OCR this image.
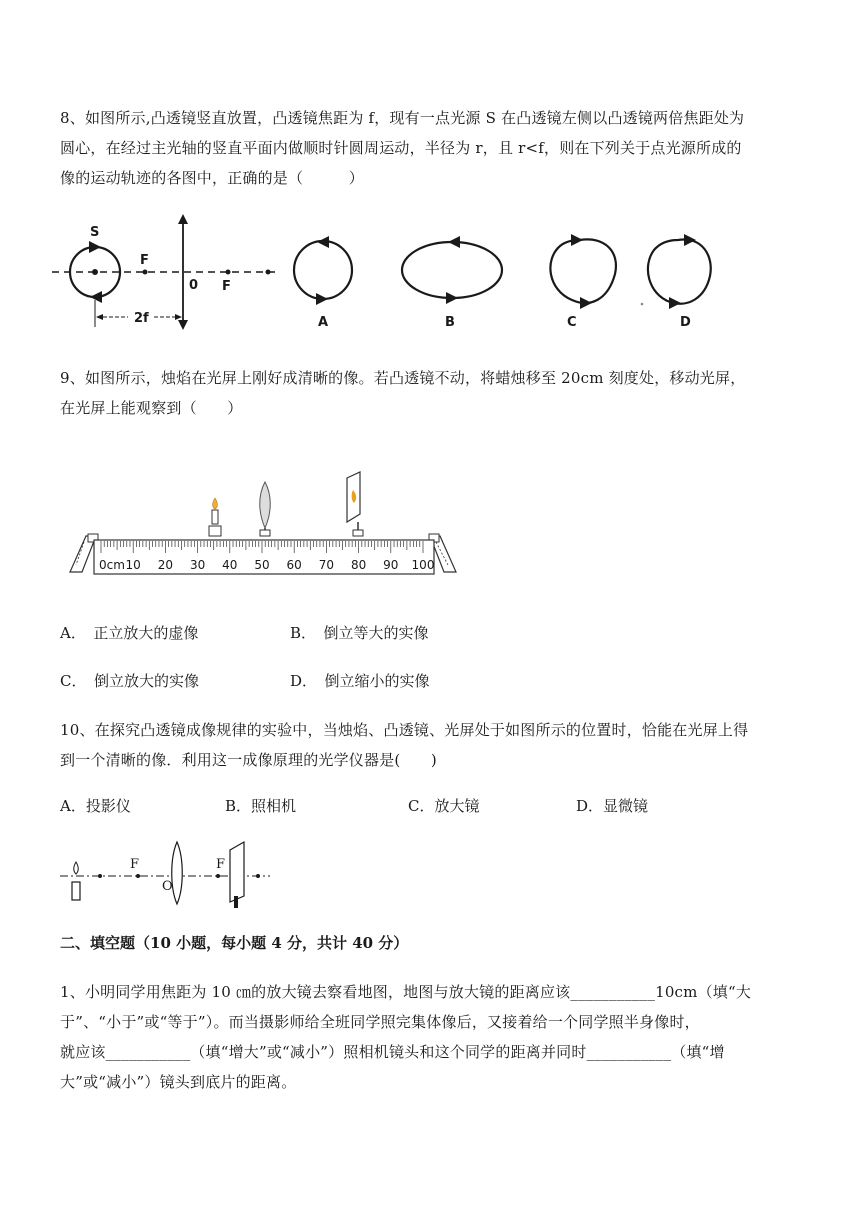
8、如图所示,凸透镜竖直放置，凸透镜焦距为 f，现有一点光源 S 在凸透镜左侧以凸透镜两倍焦距处为
圆心，在经过主光轴的竖直平面内做顺时针圆周运动，半径为 r，且 r<f，则在下列关于点光源所成的
像的运动轨迹的各图中，正确的是（　　　）
S
F
0 F
2f	A	B	C	D
9、如图所示，烛焰在光屏上刚好成清晰的像。若凸透镜不动，将蜡烛移至 20cm 刻度处，移动光屏，
在光屏上能观察到（　　）
0cm 10 20 30 40 50 60 70 80 90 100
A．　正立放大的虚像	B．　倒立等大的实像
C．　倒立放大的实像	D．　倒立缩小的实像
10、在探究凸透镜成像规律的实验中，当烛焰、凸透镜、光屏处于如图所示的位置时，恰能在光屏上得
到一个清晰的像．利用这一成像原理的光学仪器是(　　)
A．投影仪	B．照相机	C．放大镜	D．显微镜
F
O
F
二、填空题（10 小题，每小题 4 分，共计 40 分）
1、小明同学用焦距为 10 ㎝的放大镜去察看地图，地图与放大镜的距离应该___________10cm（填“大
于”、“小于”或“等于”）。而当摄影师给全班同学照完集体像后，又接着给一个同学照半身像时，
就应该___________（填“增大”或“减小”）照相机镜头和这个同学的距离并同时___________（填“增
大”或“减小”）镜头到底片的距离。
